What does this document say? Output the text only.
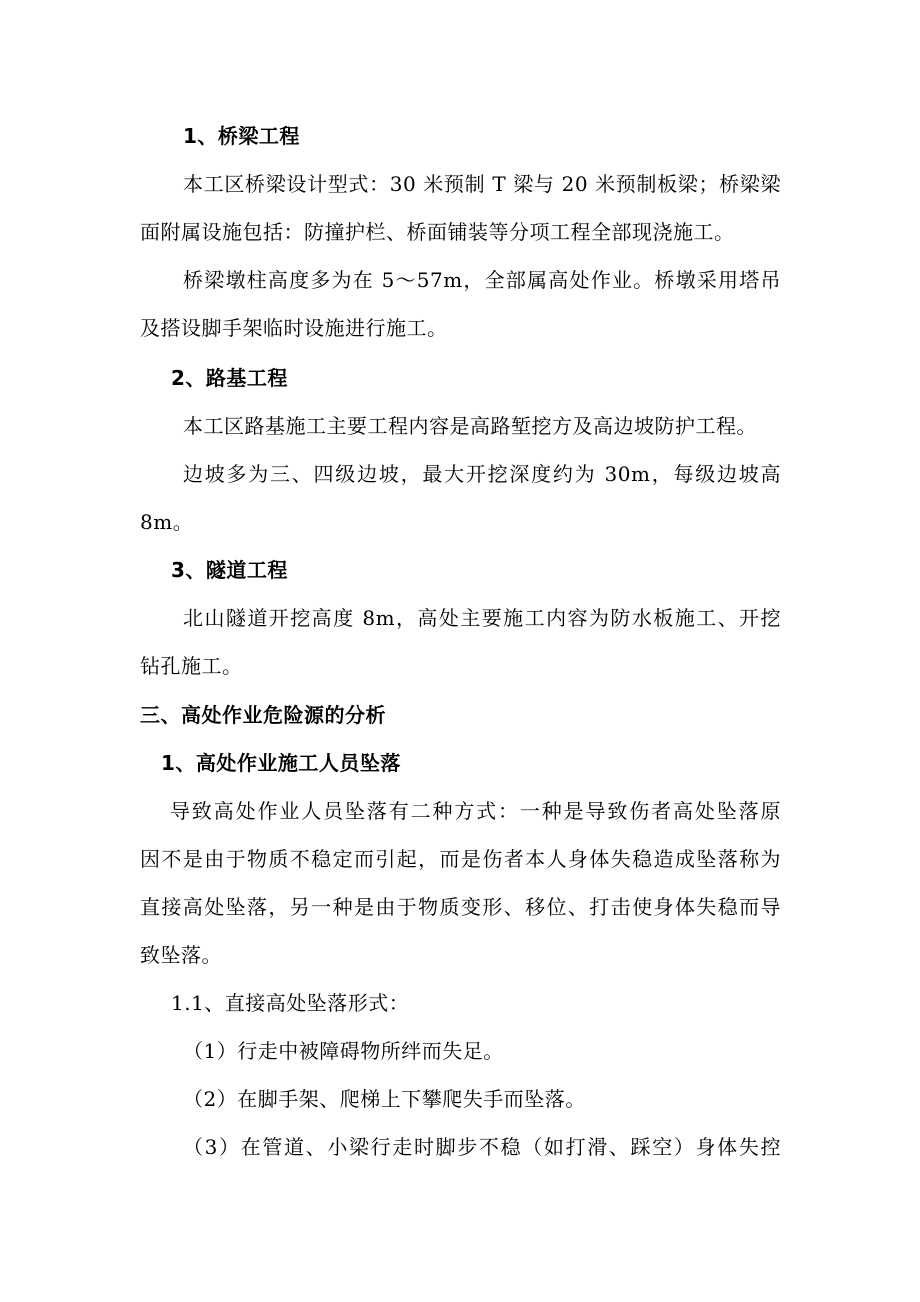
1、桥梁工程
本工区桥梁设计型式：30 米预制 T 梁与 20 米预制板梁；桥梁梁
面附属设施包括：防撞护栏、桥面铺装等分项工程全部现浇施工。
桥梁墩柱高度多为在 5～57m，全部属高处作业。桥墩采用塔吊
及搭设脚手架临时设施进行施工。
2、路基工程
本工区路基施工主要工程内容是高路堑挖方及高边坡防护工程。
边坡多为三、四级边坡，最大开挖深度约为 30m，每级边坡高
8m。
3、隧道工程
北山隧道开挖高度 8m，高处主要施工内容为防水板施工、开挖
钻孔施工。
三、高处作业危险源的分析
1、高处作业施工人员坠落
导致高处作业人员坠落有二种方式：一种是导致伤者高处坠落原
因不是由于物质不稳定而引起，而是伤者本人身体失稳造成坠落称为
直接高处坠落，另一种是由于物质变形、移位、打击使身体失稳而导
致坠落。
1.1、直接高处坠落形式：
（1）行走中被障碍物所绊而失足。
（2）在脚手架、爬梯上下攀爬失手而坠落。
（3）在管道、小梁行走时脚步不稳（如打滑、踩空）身体失控
